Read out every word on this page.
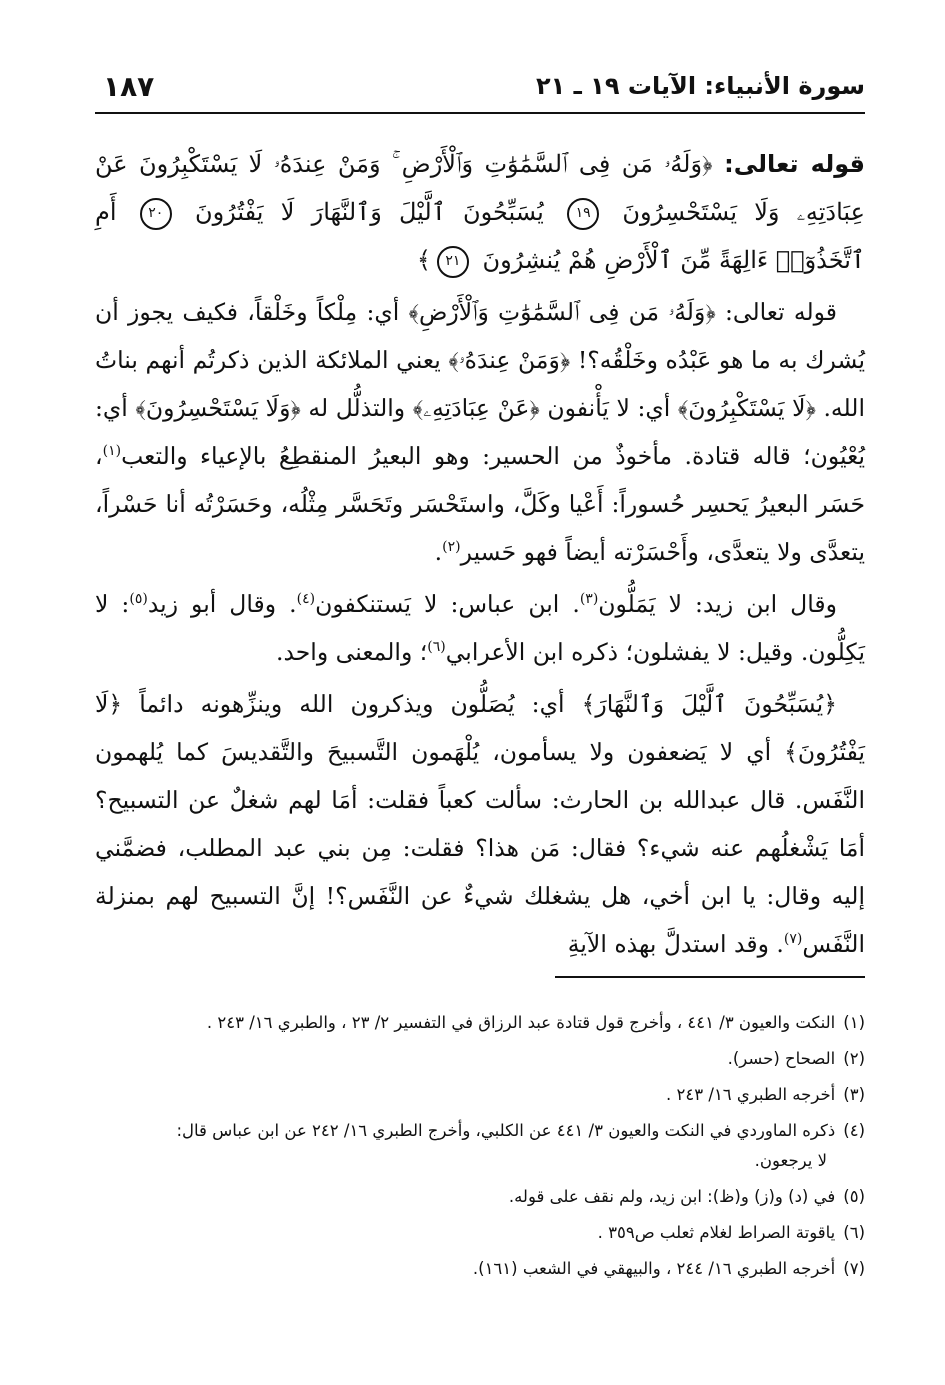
سورة الأنبياء: الآيات ١٩ ـ ٢١
١٨٧

قوله تعالى: ﴿وَلَهُۥ مَن فِى ٱلسَّمَٰوَٰتِ وَٱلْأَرْضِ ۚ وَمَنْ عِندَهُۥ لَا يَسْتَكْبِرُونَ عَنْ عِبَادَتِهِۦ وَلَا يَسْتَحْسِرُونَ ١٩ يُسَبِّحُونَ ٱلَّيْلَ وَٱلنَّهَارَ لَا يَفْتُرُونَ ٢٠ أَمِ ٱتَّخَذُوٓا۟ ءَالِهَةً مِّنَ ٱلْأَرْضِ هُمْ يُنشِرُونَ ٢١﴾

قوله تعالى: ﴿وَلَهُۥ مَن فِى ٱلسَّمَٰوَٰتِ وَٱلْأَرْضِ﴾ أي: مِلْكاً وخَلْقاً، فكيف يجوز أن يُشرك به ما هو عَبْدُه وخَلْقُه؟! ﴿وَمَنْ عِندَهُۥ﴾ يعني الملائكة الذين ذكرتُم أنهم بناتُ الله. ﴿لَا يَسْتَكْبِرُونَ﴾ أي: لا يَأْنفون ﴿عَنْ عِبَادَتِهِۦ﴾ والتذلُّل له ﴿وَلَا يَسْتَحْسِرُونَ﴾ أي: يُعْيُون؛ قاله قتادة. مأخوذٌ من الحسير: وهو البعيرُ المنقطِعُ بالإعياء والتعب$^{(١)}$، حَسَر البعيرُ يَحسِر حُسوراً: أَعْيا وكَلَّ، واستَحْسَر وتَحَسَّر مِثْلُه، وحَسَرْتُه أنا حَسْراً، يتعدَّى ولا يتعدَّى، وأَحْسَرْته أيضاً فهو حَسير$^{(٢)}$.

وقال ابن زيد: لا يَمَلُّون$^{(٣)}$. ابن عباس: لا يَستنكفون$^{(٤)}$. وقال أبو زيد$^{(٥)}$: لا يَكِلُّون. وقيل: لا يفشلون؛ ذكره ابن الأعرابي$^{(٦)}$؛ والمعنى واحد.

﴿يُسَبِّحُونَ ٱلَّيْلَ وَٱلنَّهَارَ﴾ أي: يُصَلُّون ويذكرون الله وينزِّهونه دائماً ﴿لَا يَفْتُرُونَ﴾ أي لا يَضعفون ولا يسأمون، يُلْهَمون التَّسبيحَ والتَّقديسَ كما يُلهمون النَّفَس. قال عبدالله بن الحارث: سألت كعباً فقلت: أمَا لهم شغلٌ عن التسبيح؟ أمَا يَشْغلُهم عنه شيء؟ فقال: مَن هذا؟ فقلت: مِن بني عبد المطلب، فضمَّني إليه وقال: يا ابن أخي، هل يشغلك شيءٌ عن النَّفَس؟! إنَّ التسبيح لهم بمنزلة النَّفَس$^{(٧)}$. وقد استدلَّ بهذه الآيةِ

(١)النكت والعيون ٣/ ٤٤١ ، وأخرج قول قتادة عبد الرزاق في التفسير ٢/ ٢٣ ، والطبري ١٦/ ٢٤٣ .

(٢)الصحاح (حسر).

(٣)أخرجه الطبري ١٦/ ٢٤٣ .

(٤)ذكره الماوردي في النكت والعيون ٣/ ٤٤١ عن الكلبي، وأخرج الطبري ١٦/ ٢٤٢ عن ابن عباس قال:
لا يرجعون.

(٥)في (د) و(ز) و(ظ): ابن زيد، ولم نقف على قوله.

(٦)ياقوتة الصراط لغلام ثعلب ص٣٥٩ .

(٧)أخرجه الطبري ١٦/ ٢٤٤ ، والبيهقي في الشعب (١٦١).
